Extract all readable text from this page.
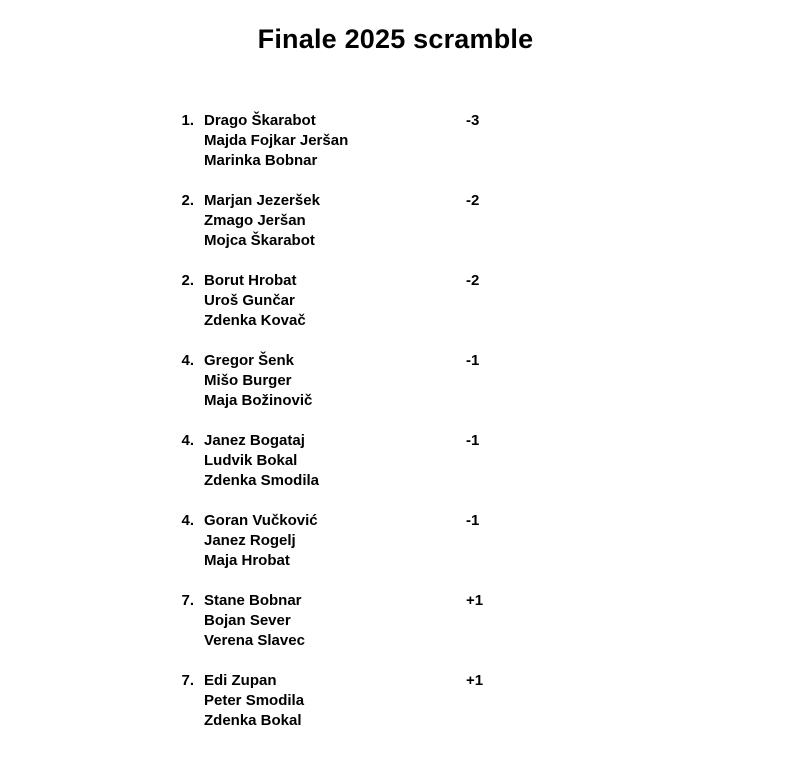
Finale 2025 scramble
-3
1. Drago Škarabot
Majda Fojkar Jeršan
Marinka Bobnar
-2
2. Marjan Jezeršek
Zmago Jeršan
Mojca Škarabot
-2
2. Borut Hrobat
Uroš Gunčar
Zdenka Kovač
-1
4. Gregor Šenk
Mišo Burger
Maja Božinovič
-1
4. Janez Bogataj
Ludvik Bokal
Zdenka Smodila
-1
4. Goran Vučković
Janez Rogelj
Maja Hrobat
+1
7. Stane Bobnar
Bojan Sever
Verena Slavec
+1
7. Edi Zupan
Peter Smodila
Zdenka Bokal
